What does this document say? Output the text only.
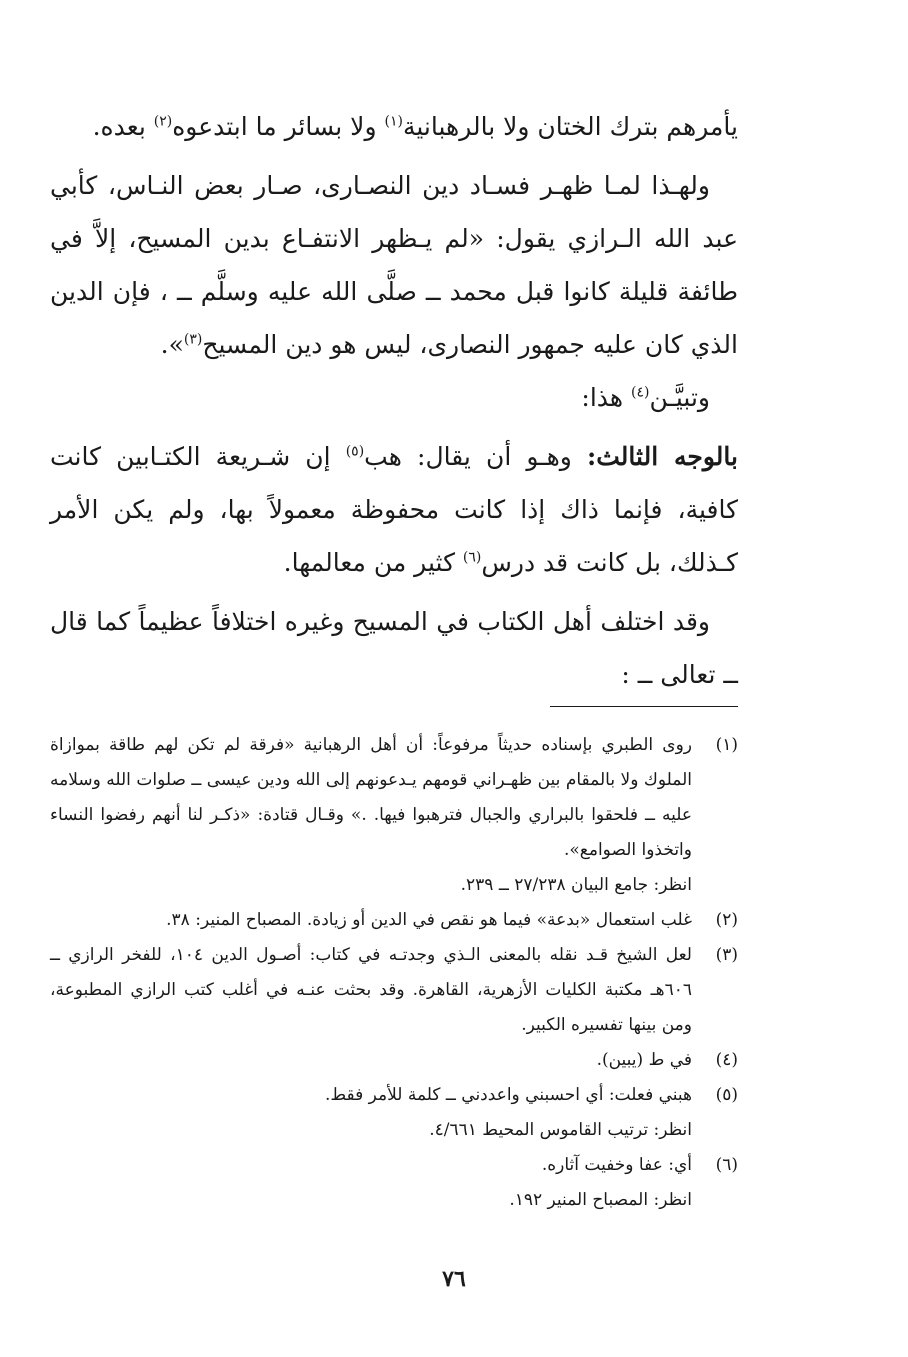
يأمرهم بترك الختان ولا بالرهبانية$^{(١)}$ ولا بسائر ما ابتدعوه$^{(٢)}$ بعده.

ولهـذا لمـا ظهـر فسـاد دين النصـارى، صـار بعض النـاس، كأبي عبد الله الـرازي يقول: «لم يـظهر الانتفـاع بدين المسيح، إلاَّ في طائفة قليلة كانوا قبل محمد ــ صلَّى الله عليه وسلَّم ــ ، فإن الدين الذي كان عليه جمهور النصارى، ليس هو دين المسيح$^{(٣)}$».

وتبيَّـن$^{(٤)}$ هذا:

بالوجه الثالث: وهـو أن يقال: هب$^{(٥)}$ إن شـريعة الكتـابين كانت كافية، فإنما ذاك إذا كانت محفوظة معمولاً بها، ولم يكن الأمر كـذلك، بل كانت قد درس$^{(٦)}$ كثير من معالمها.

وقد اختلف أهل الكتاب في المسيح وغيره اختلافاً عظيماً كما قال ــ تعالى ــ :

(١)
روى الطبري بإسناده حديثاً مرفوعاً: أن أهل الرهبانية «فرقة لم تكن لهم طاقة بموازاة الملوك ولا بالمقام بين ظهـراني قومهم يـدعونهم إلى الله ودين عيسى ــ صلوات الله وسلامه عليه ــ فلحقوا بالبراري والجبال فترهبوا فيها. .» وقـال قتادة: «ذكـر لنا أنهم رفضوا النساء واتخذوا الصوامع».
انظر: جامع البيان ٢٧/٢٣٨ ــ ٢٣٩.
(٢)
غلب استعمال «بدعة» فيما هو نقص في الدين أو زيادة. المصباح المنير: ٣٨.
(٣)
لعل الشيخ قـد نقله بالمعنى الـذي وجدتـه في كتاب: أصـول الدين ١٠٤، للفخر الرازي ــ ٦٠٦هـ مكتبة الكليات الأزهرية، القاهرة. وقد بحثت عنـه في أغلب كتب الرازي المطبوعة، ومن بينها تفسيره الكبير.
(٤)
في ط (يبين).
(٥)
هبني فعلت: أي احسبني واعددني ــ كلمة للأمر فقط.
انظر: ترتيب القاموس المحيط ٤/٦٦١.
(٦)
أي: عفا وخفيت آثاره.
انظر: المصباح المنير ١٩٢.
٧٦
